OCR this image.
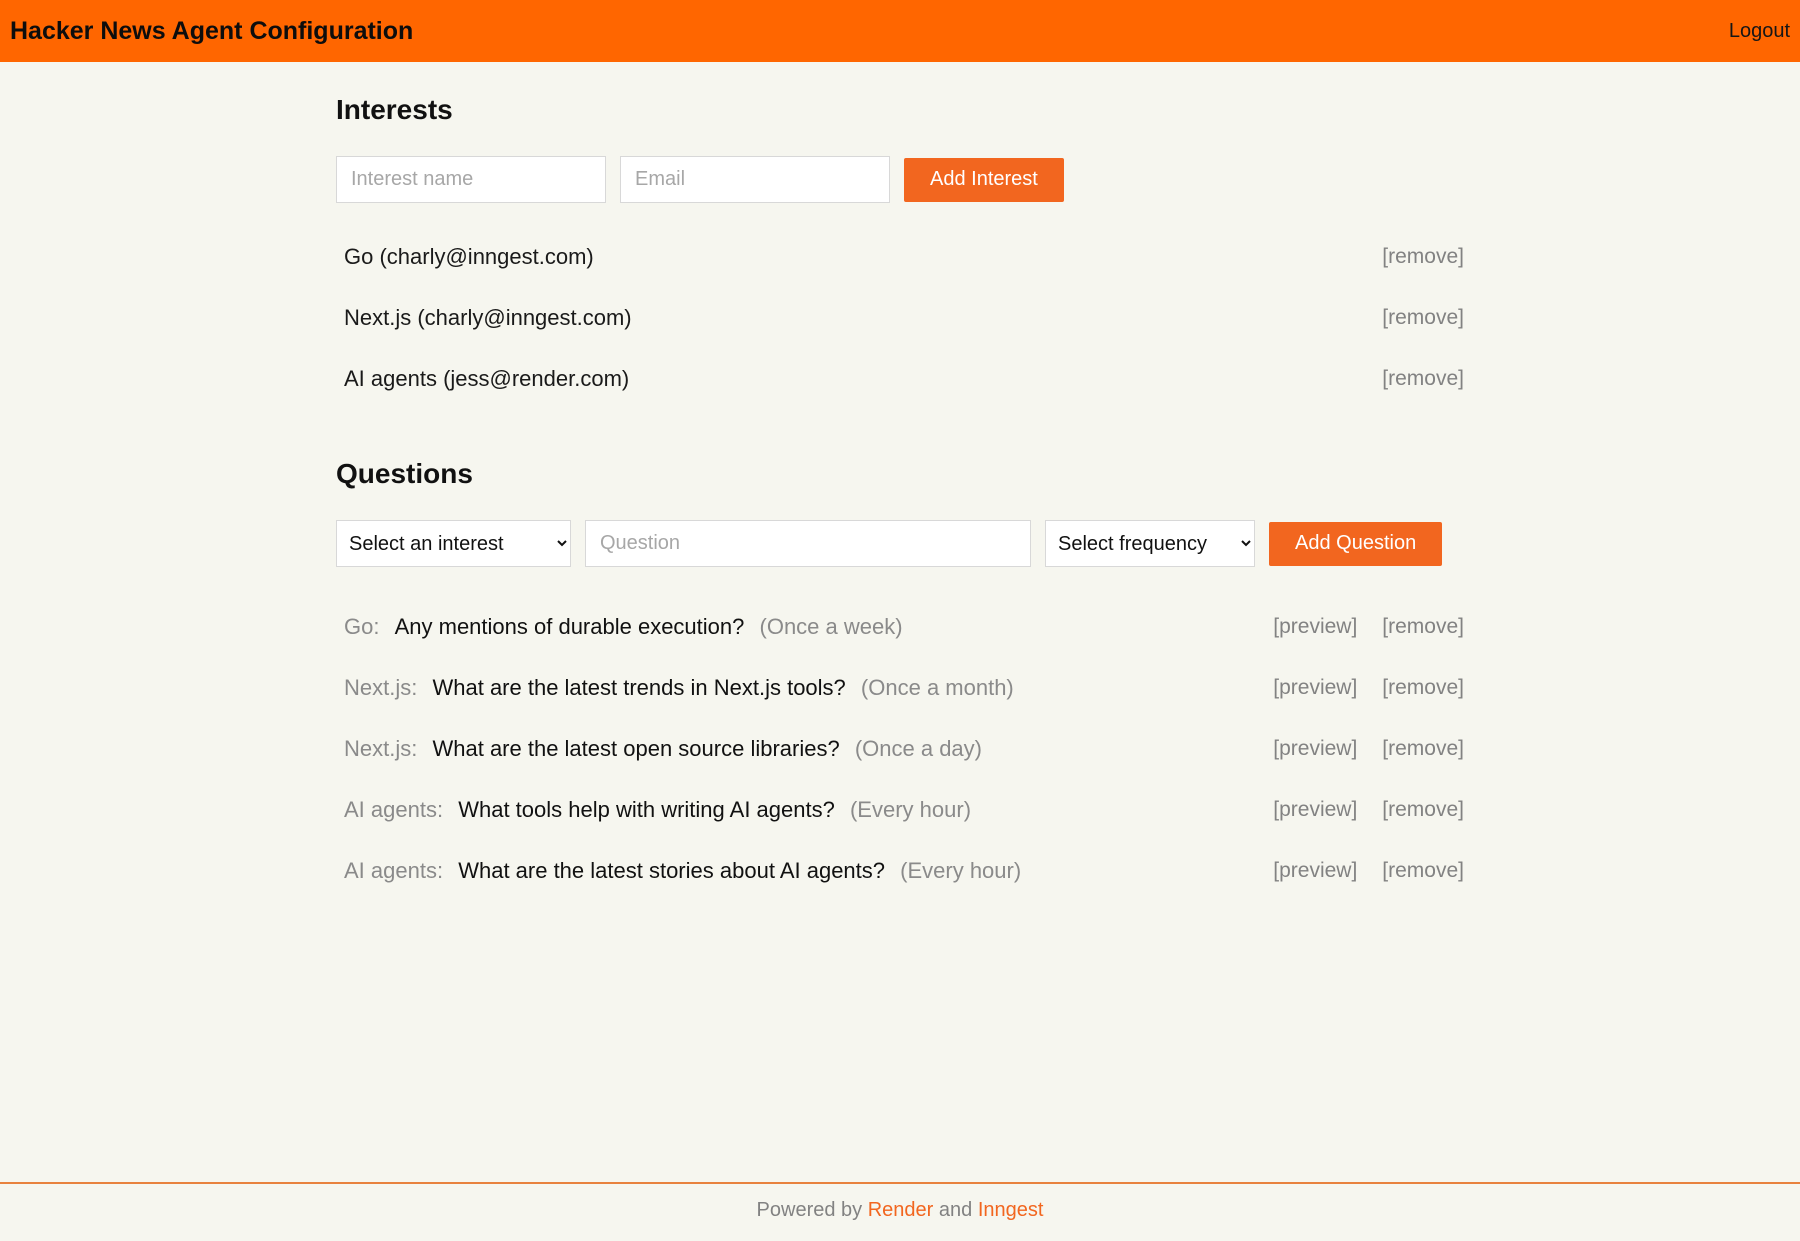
Hacker News Agent Configuration	Logout
Interests
Interest name
Email
Add Interest
Go (charly@inngest.com)	[remove]
Next.js (charly@inngest.com)	[remove]
AI agents (jess@render.com)	[remove]
Questions
Select an interest
Question
Select frequency
Add Question
Go: Any mentions of durable execution? (Once a week)	[preview] [remove]
Next.js: What are the latest trends in Next.js tools? (Once a month)	[preview] [remove]
Next.js: What are the latest open source libraries? (Once a day)	[preview] [remove]
AI agents: What tools help with writing AI agents? (Every hour)	[preview] [remove]
AI agents: What are the latest stories about AI agents? (Every hour)	[preview] [remove]
Powered by Render and Inngest
